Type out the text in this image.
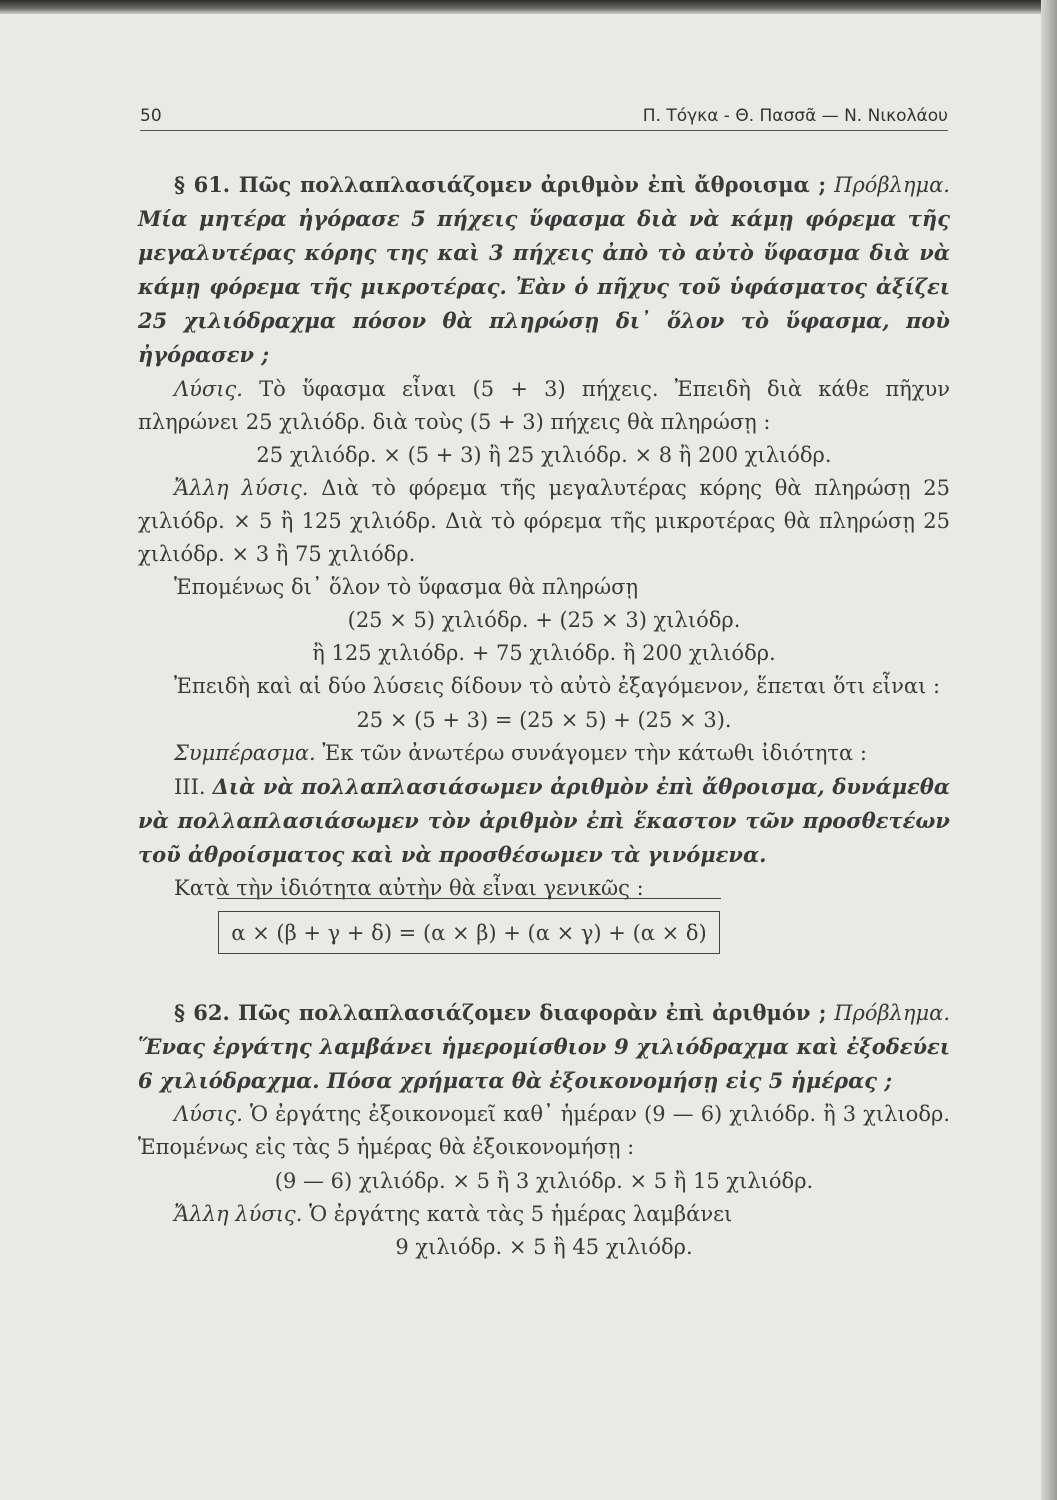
50	Π. Τόγκα - Θ. Πασσᾶ — Ν. Νικολάου

§ 61. Πῶς πολλαπλασιάζομεν ἀριθμὸν ἐπὶ ἄθροισμα ; Πρόβλημα. Μία μητέρα ἠγόρασε 5 πήχεις ὕφασμα διὰ νὰ κάμῃ φόρεμα τῆς μεγαλυτέρας κόρης της καὶ 3 πήχεις ἀπὸ τὸ αὐτὸ ὕφασμα διὰ νὰ κάμῃ φόρεμα τῆς μικροτέρας. Ἐὰν ὁ πῆχυς τοῦ ὑφάσματος ἀξίζει 25 χιλιόδραχμα πόσον θὰ πληρώσῃ δι᾿ ὅλον τὸ ὕφασμα, ποὺ ἠγόρασεν ;

Λύσις. Τὸ ὕφασμα εἶναι (5 + 3) πήχεις. Ἐπειδὴ διὰ κάθε πῆχυν πληρώνει 25 χιλιόδρ. διὰ τοὺς (5 + 3) πήχεις θὰ πληρώσῃ :

25 χιλιόδρ. × (5 + 3) ἢ 25 χιλιόδρ. × 8 ἢ 200 χιλιόδρ.

Ἄλλη λύσις. Διὰ τὸ φόρεμα τῆς μεγαλυτέρας κόρης θὰ πληρώσῃ 25 χιλιόδρ. × 5 ἢ 125 χιλιόδρ. Διὰ τὸ φόρεμα τῆς μικροτέρας θὰ πληρώσῃ 25 χιλιόδρ. × 3 ἢ 75 χιλιόδρ.

Ἑπομένως δι᾿ ὅλον τὸ ὕφασμα θὰ πληρώσῃ

(25 × 5) χιλιόδρ. + (25 × 3) χιλιόδρ.

ἢ 125 χιλιόδρ. + 75 χιλιόδρ. ἢ 200 χιλιόδρ.

Ἐπειδὴ καὶ αἱ δύο λύσεις δίδουν τὸ αὐτὸ ἐξαγόμενον, ἕπεται ὅτι εἶναι :

25 × (5 + 3) = (25 × 5) + (25 × 3).

Συμπέρασμα. Ἐκ τῶν ἀνωτέρω συνάγομεν τὴν κάτωθι ἰδιότητα :

ΙΙΙ. Διὰ νὰ πολλαπλασιάσωμεν ἀριθμὸν ἐπὶ ἄθροισμα, δυνάμεθα νὰ πολλαπλασιάσωμεν τὸν ἀριθμὸν ἐπὶ ἕκαστον τῶν προσθετέων τοῦ ἀθροίσματος καὶ νὰ προσθέσωμεν τὰ γινόμενα.

Κατὰ τὴν ἰδιότητα αὐτὴν θὰ εἶναι γενικῶς :

α × (β + γ + δ) = (α × β) + (α × γ) + (α × δ)

§ 62. Πῶς πολλαπλασιάζομεν διαφορὰν ἐπὶ ἀριθμόν ; Πρόβλημα. Ἕνας ἐργάτης λαμβάνει ἡμερομίσθιον 9 χιλιόδραχμα καὶ ἐξοδεύει 6 χιλιόδραχμα. Πόσα χρήματα θὰ ἐξοικονομήσῃ εἰς 5 ἡμέρας ;

Λύσις. Ὁ ἐργάτης ἐξοικονομεῖ καθ᾿ ἡμέραν (9 — 6) χιλιόδρ. ἢ 3 χιλιοδρ. Ἑπομένως εἰς τὰς 5 ἡμέρας θὰ ἐξοικονομήσῃ :

(9 — 6) χιλιόδρ. × 5 ἢ 3 χιλιόδρ. × 5 ἢ 15 χιλιόδρ.

Ἄλλη λύσις. Ὁ ἐργάτης κατὰ τὰς 5 ἡμέρας λαμβάνει

9 χιλιόδρ. × 5 ἢ 45 χιλιόδρ.
